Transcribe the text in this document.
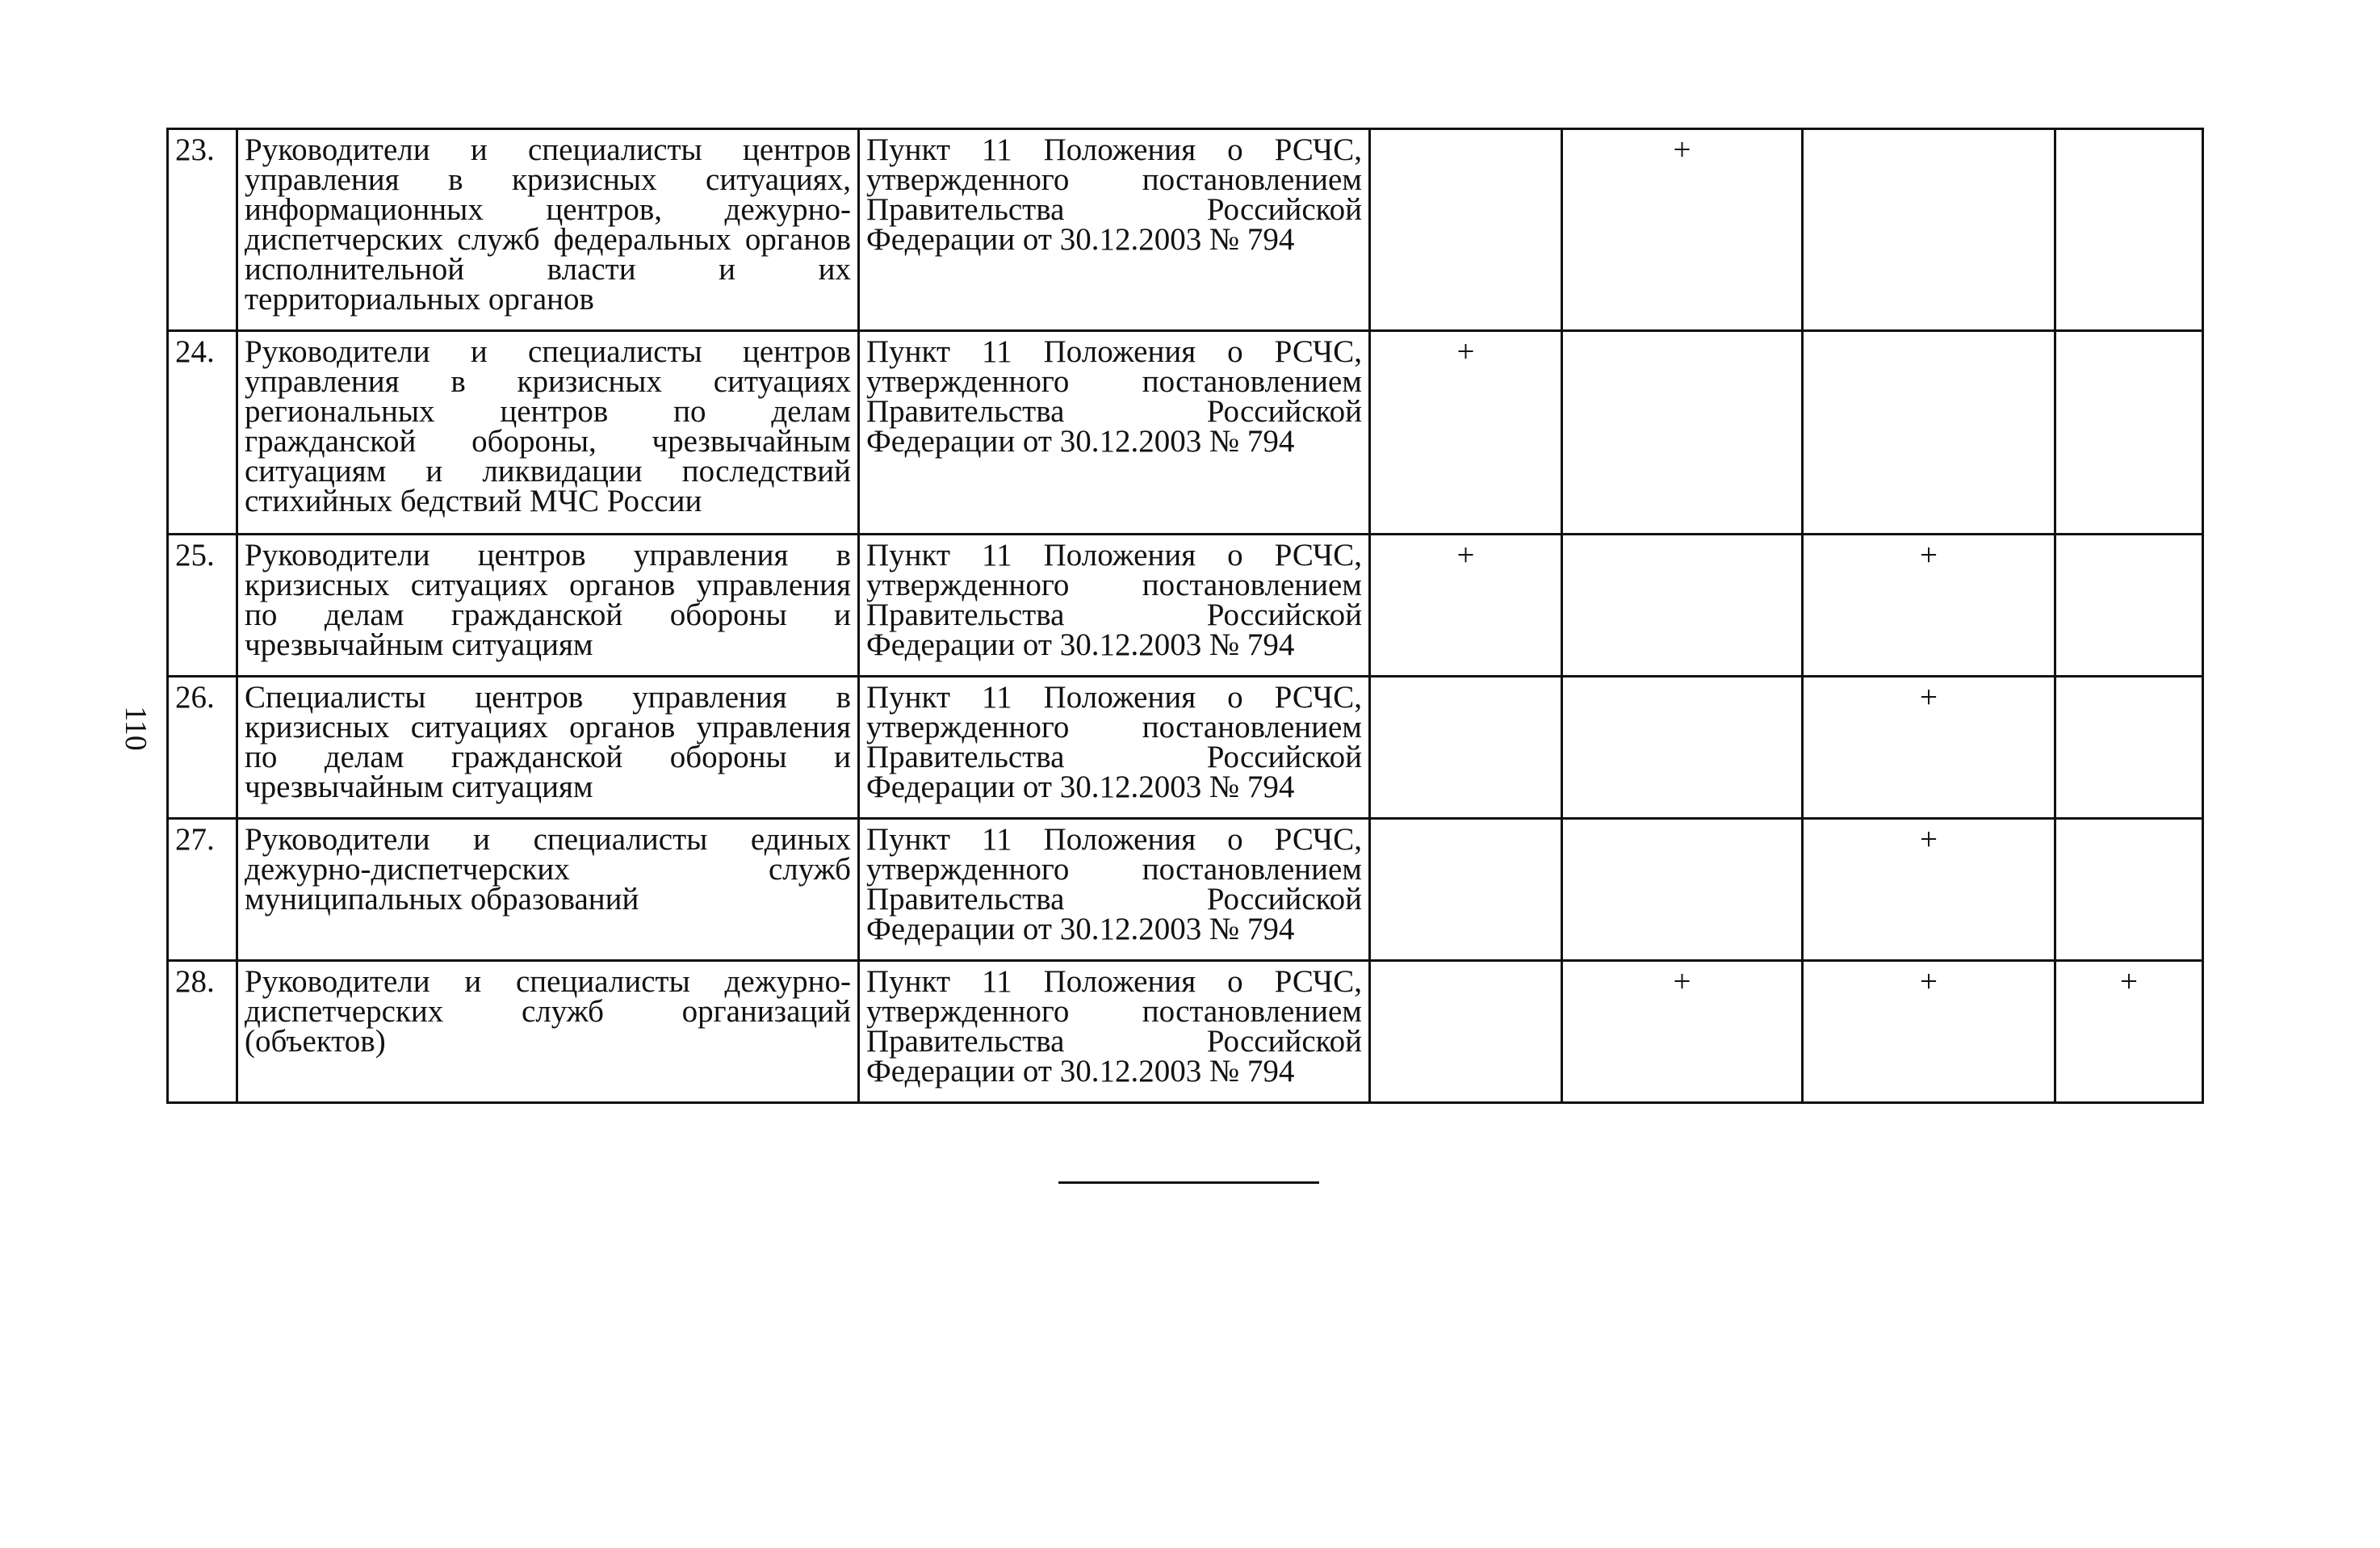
110
23.	Руководители и специалисты центров управления в кризисных ситуациях, информационных центров, дежурно-диспетчерских служб федеральных органов исполнительной власти и их территориальных органов	Пункт 11 Положения о РСЧС, утвержденного постановлением Правительства Российской Федерации от 30.12.2003 № 794		+		
24.	Руководители и специалисты центров управления в кризисных ситуациях региональных центров по делам гражданской обороны, чрезвычайным ситуациям и ликвидации последствий стихийных бедствий МЧС России	Пункт 11 Положения о РСЧС, утвержденного постановлением Правительства Российской Федерации от 30.12.2003 № 794	+			
25.	Руководители центров управления в кризисных ситуациях органов управления по делам гражданской обороны и чрезвычайным ситуациям	Пункт 11 Положения о РСЧС, утвержденного постановлением Правительства Российской Федерации от 30.12.2003 № 794	+		+	
26.	Специалисты центров управления в кризисных ситуациях органов управления по делам гражданской обороны и чрезвычайным ситуациям	Пункт 11 Положения о РСЧС, утвержденного постановлением Правительства Российской Федерации от 30.12.2003 № 794			+	
27.	Руководители и специалисты единых дежурно-диспетчерских служб муниципальных образований	Пункт 11 Положения о РСЧС, утвержденного постановлением Правительства Российской Федерации от 30.12.2003 № 794			+	
28.	Руководители и специалисты дежурно-диспетчерских служб организаций (объектов)	Пункт 11 Положения о РСЧС, утвержденного постановлением Правительства Российской Федерации от 30.12.2003 № 794		+	+	+
